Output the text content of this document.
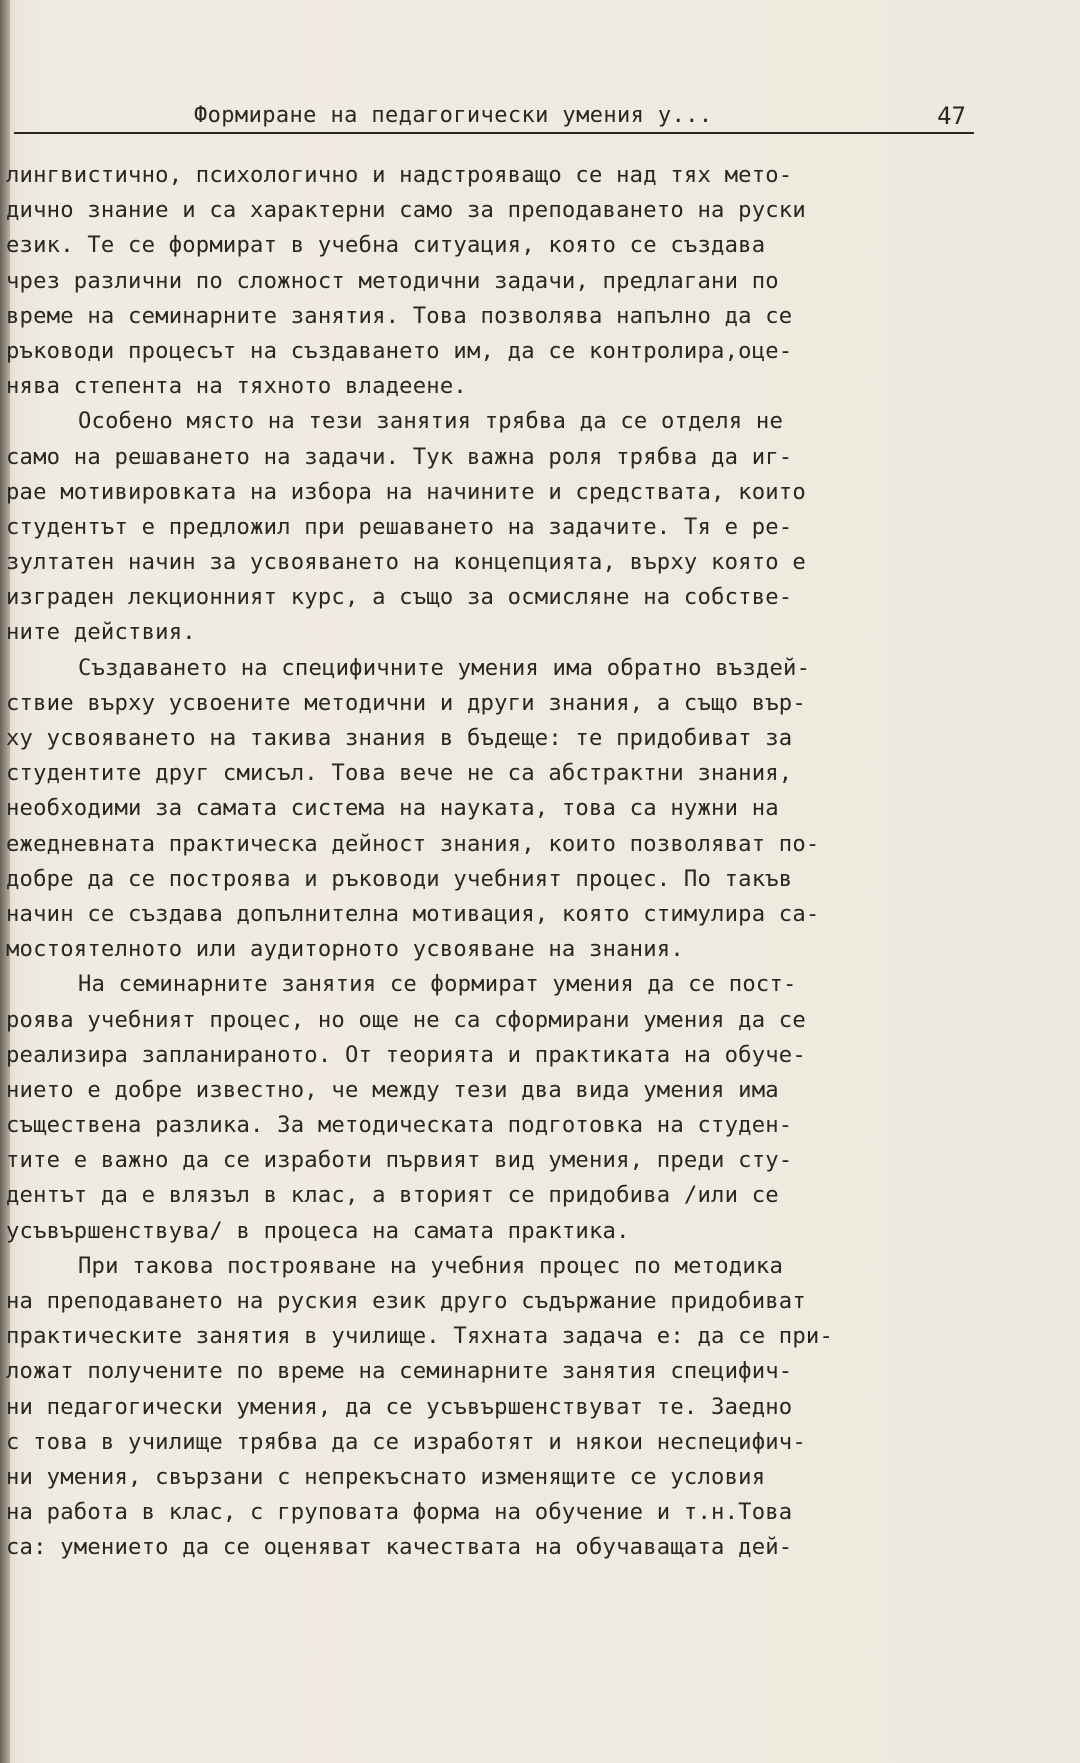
Формиране на педагогически умения у...	47
лингвистично, психологично и надстрояващо се над тях мето-
дично знание и са характерни само за преподаването на руски
език. Те се формират в учебна ситуация, която се създава
чрез различни по сложност методични задачи, предлагани по
време на семинарните занятия. Това позволява напълно да се
ръководи процесът на създаването им, да се контролира,оце-
нява степента на тяхното владеене.
Особено място на тези занятия трябва да се отделя не
само на решаването на задачи. Тук важна роля трябва да иг-
рае мотивировката на избора на начините и средствата, които
студентът е предложил при решаването на задачите. Тя е ре-
зултатен начин за усвояването на концепцията, върху която е
изграден лекционният курс, а също за осмисляне на собстве-
ните действия.
Създаването на специфичните умения има обратно въздей-
ствие върху усвоените методични и други знания, а също вър-
ху усвояването на такива знания в бъдеще: те придобиват за
студентите друг смисъл. Това вече не са абстрактни знания,
необходими за самата система на науката, това са нужни на
ежедневната практическа дейност знания, които позволяват по-
добре да се построява и ръководи учебният процес. По такъв
начин се създава допълнителна мотивация, която стимулира са-
мостоятелното или аудиторното усвояване на знания.
На семинарните занятия се формират умения да се пост-
роява учебният процес, но още не са сформирани умения да се
реализира запланираното. От теорията и практиката на обуче-
нието е добре известно, че между тези два вида умения има
съществена разлика. За методическата подготовка на студен-
тите е важно да се изработи първият вид умения, преди сту-
дентът да е влязъл в клас, а вторият се придобива /или се
усъвършенствува/ в процеса на самата практика.
При такова построяване на учебния процес по методика
на преподаването на руския език друго съдържание придобиват
практическите занятия в училище. Тяхната задача е: да се при-
ложат получените по време на семинарните занятия специфич-
ни педагогически умения, да се усъвършенствуват те. Заедно
с това в училище трябва да се изработят и някои неспецифич-
ни умения, свързани с непрекъснато изменящите се условия
на работа в клас, с груповата форма на обучение и т.н.Това
са: умението да се оценяват качествата на обучаващата дей-
